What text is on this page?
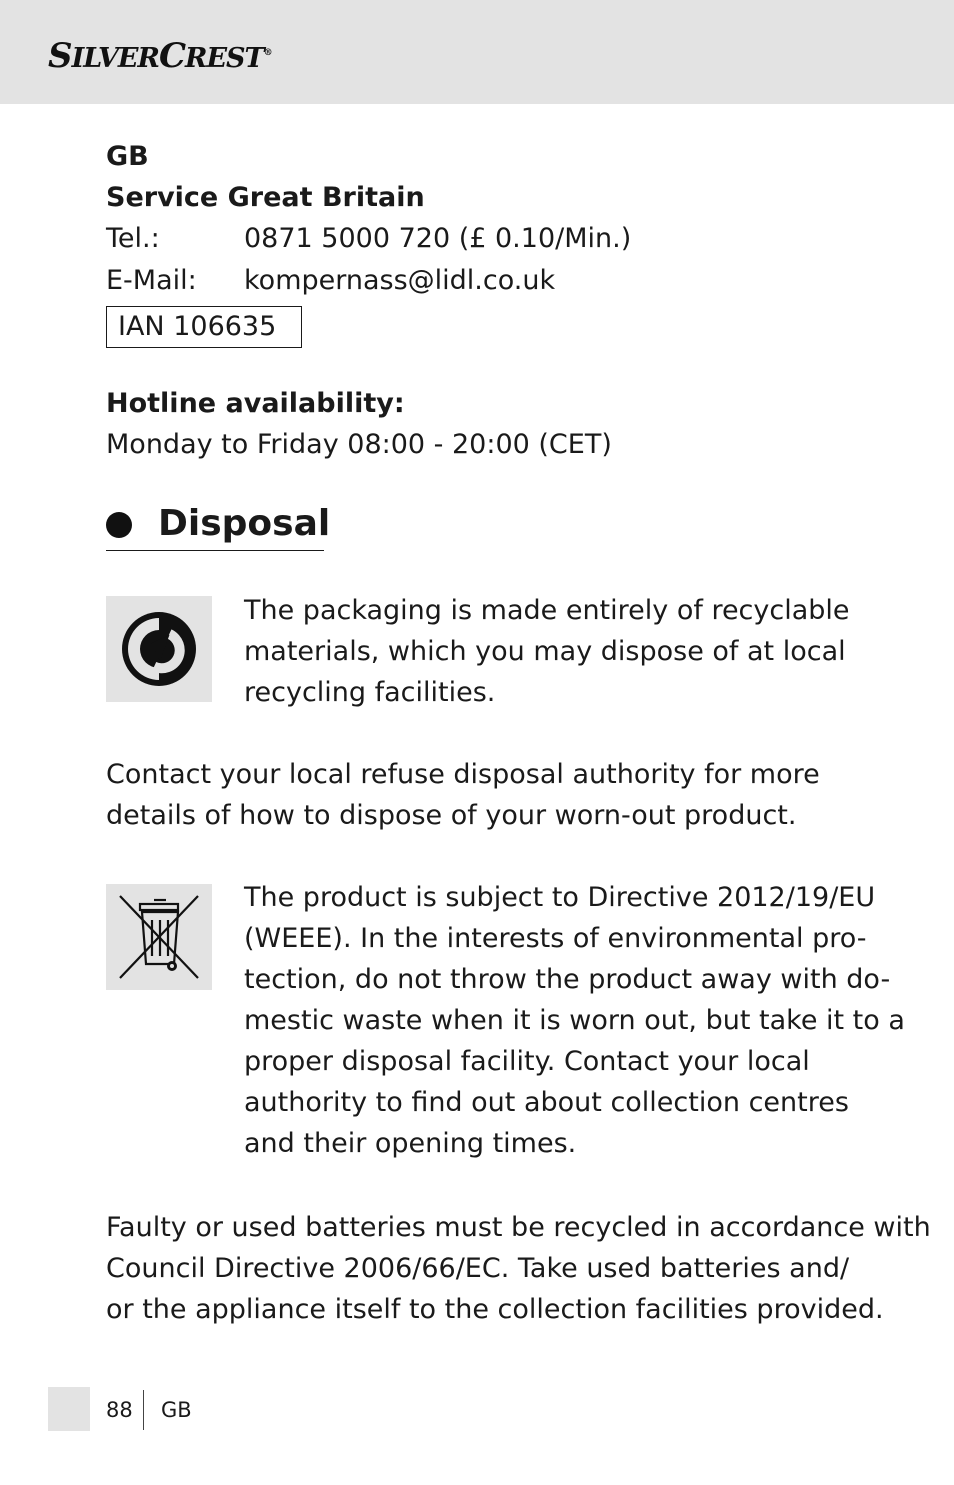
SILVERCREST®
GB
Service Great Britain
Tel.:	0871 5000 720 (£ 0.10/Min.)
E-Mail: kompernass@lidl.co.uk
Hotline availability:
Monday to Friday 08:00 - 20:00 (CET)
IAN 106635
Disposal
The packaging is made entirely of recyclable
materials, which you may dispose of at local
recycling facilities.
Contact your local refuse disposal authority for more
details of how to dispose of your worn-out product.
The product is subject to Directive 2012/19/EU
(WEEE). In the interests of environmental pro-
tection, do not throw the product away with do-
mestic waste when it is worn out, but take it to a
proper disposal facility. Contact your local
authority to find out about collection centres
and their opening times.
Faulty or used batteries must be recycled in accordance with
Council Directive 2006/66/EC. Take used batteries and/
or the appliance itself to the collection facilities provided.
88 GB
